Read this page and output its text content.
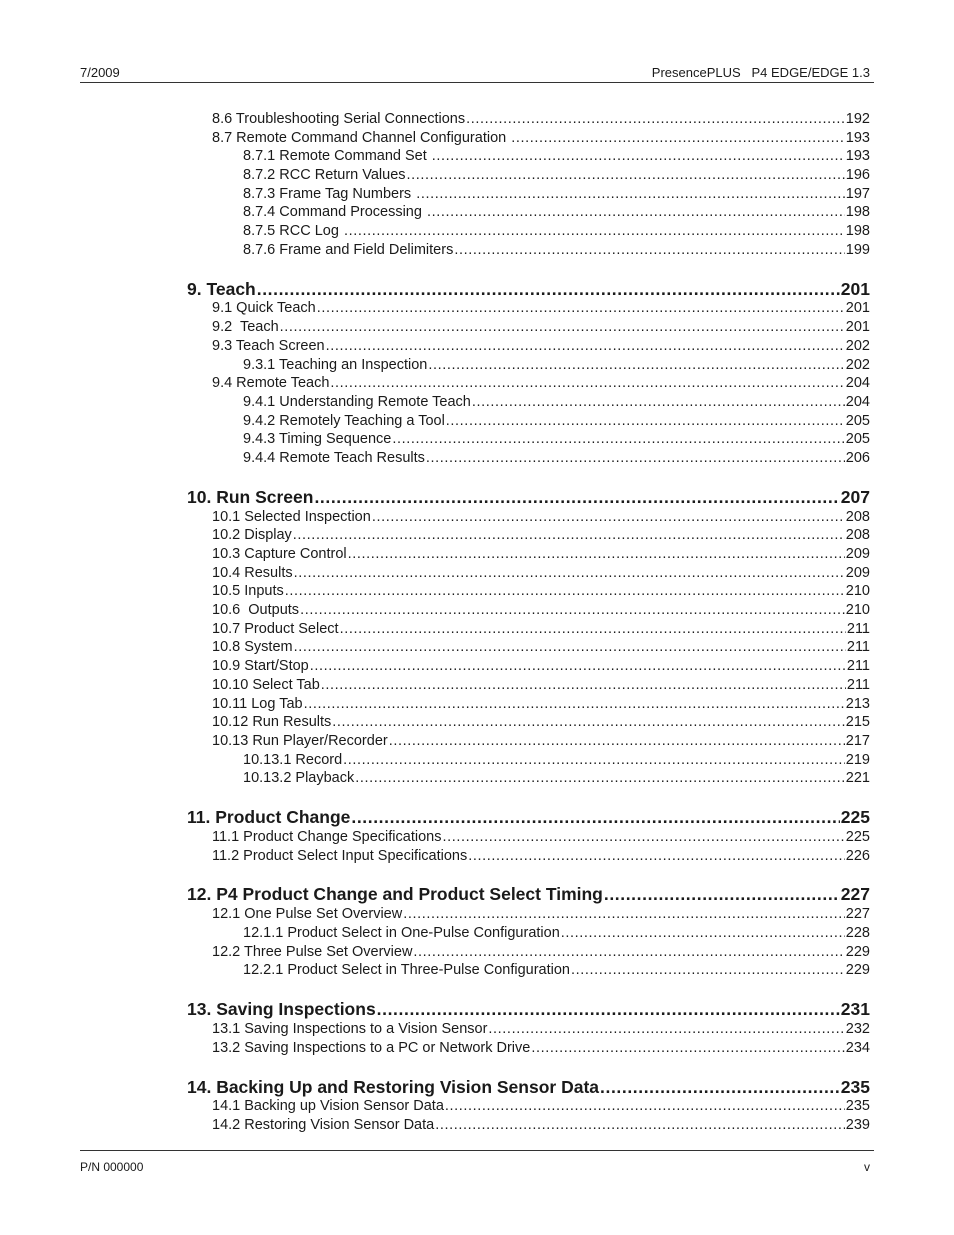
7/2009	PresencePLUS   P4 EDGE/EDGE 1.3
8.6 Troubleshooting Serial Connections .....	192
8.7 Remote Command Channel Configuration .....	193
8.7.1 Remote Command Set .....	193
8.7.2 RCC Return Values .....	196
8.7.3 Frame Tag Numbers .....	197
8.7.4 Command Processing .....	198
8.7.5 RCC Log .....	198
8.7.6 Frame and Field Delimiters .....	199
9. Teach .....	201
9.1 Quick Teach .....	201
9.2  Teach .....	201
9.3 Teach Screen .....	202
9.3.1 Teaching an Inspection .....	202
9.4 Remote Teach .....	204
9.4.1 Understanding Remote Teach .....	204
9.4.2 Remotely Teaching a Tool .....	205
9.4.3 Timing Sequence .....	205
9.4.4 Remote Teach Results .....	206
10. Run Screen .....	207
10.1 Selected Inspection .....	208
10.2 Display .....	208
10.3 Capture Control .....	209
10.4 Results .....	209
10.5 Inputs .....	210
10.6  Outputs .....	210
10.7 Product Select .....	211
10.8 System .....	211
10.9 Start/Stop .....	211
10.10 Select Tab .....	211
10.11 Log Tab .....	213
10.12 Run Results .....	215
10.13 Run Player/Recorder .....	217
10.13.1 Record .....	219
10.13.2 Playback .....	221
11. Product Change .....	225
11.1 Product Change Specifications .....	225
11.2 Product Select Input Specifications .....	226
12. P4 Product Change and Product Select Timing .....	227
12.1 One Pulse Set Overview .....	227
12.1.1 Product Select in One-Pulse Configuration .....	228
12.2 Three Pulse Set Overview .....	229
12.2.1 Product Select in Three-Pulse Configuration .....	229
13. Saving Inspections .....	231
13.1 Saving Inspections to a Vision Sensor .....	232
13.2 Saving Inspections to a PC or Network Drive .....	234
14. Backing Up and Restoring Vision Sensor Data .....	235
14.1 Backing up Vision Sensor Data .....	235
14.2 Restoring Vision Sensor Data .....	239
P/N 000000	v
